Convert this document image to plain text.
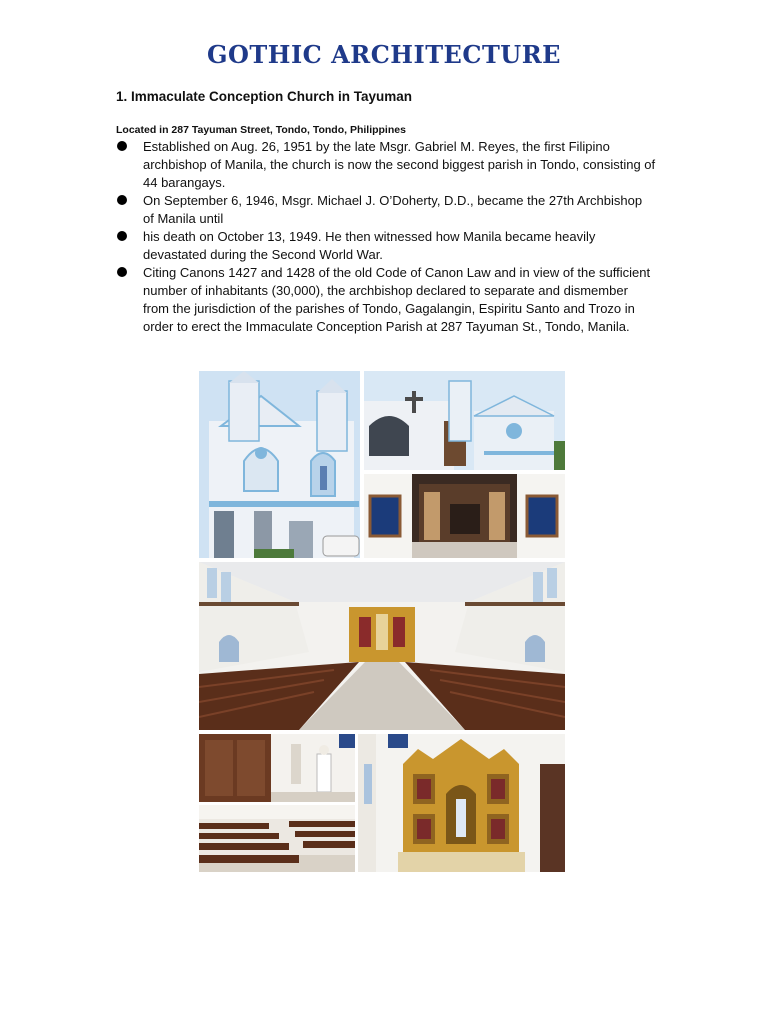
GOTHIC ARCHITECTURE
1. Immaculate Conception Church in Tayuman
Located in 287 Tayuman Street, Tondo, Tondo, Philippines
Established on Aug. 26, 1951 by the late Msgr. Gabriel M. Reyes, the first Filipino archbishop of Manila, the church is now the second biggest parish in Tondo, consisting of 44 barangays.
On September 6, 1946, Msgr. Michael J. O’Doherty, D.D., became the 27th Archbishop of Manila until
his death on October 13, 1949. He then witnessed how Manila became heavily devastated during the Second World War.
Citing Canons 1427 and 1428 of the old Code of Canon Law and in view of the sufficient number of inhabitants (30,000), the archbishop declared to separate and dismember from the jurisdiction of the parishes of Tondo, Gagalangin, Espiritu Santo and Trozo in order to erect the Immaculate Conception Parish at 287 Tayuman St., Tondo, Manila.
